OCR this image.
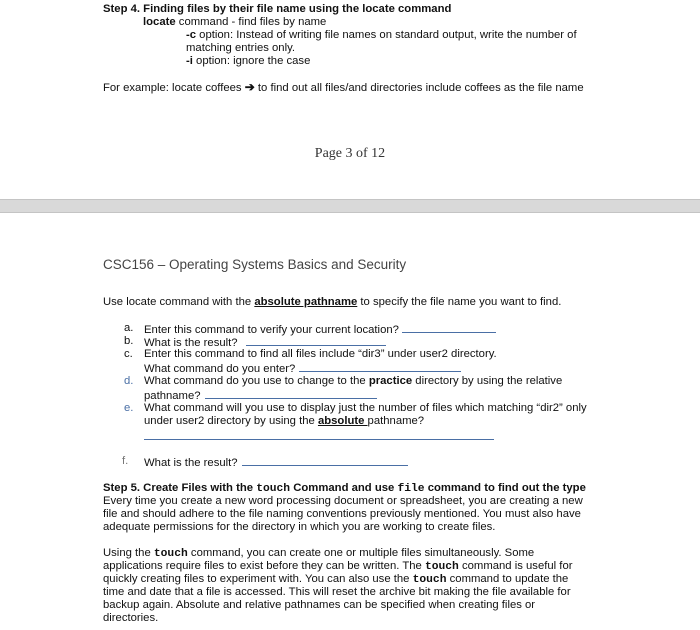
Step 4. Finding files by their file name using the locate command
locate command - find files by name
-c option: Instead of writing file names on standard output, write the number of
matching entries only.
-i option: ignore the case
For example: locate coffees ➔ to find out all files/and directories include coffees as the file name
Page 3 of 12
CSC156 – Operating Systems Basics and Security
Use locate command with the absolute pathname to specify the file name you want to find.
a. Enter this command to verify your current location?
b. What is the result?
c. Enter this command to find all files include “dir3” under user2 directory.
What command do you enter?
d. What command do you use to change to the practice directory by using the relative
pathname?
e. What command will you use to display just the number of files which matching “dir2” only
under user2 directory by using the absolute pathname?
f. What is the result?
Step 5. Create Files with the touch Command and use file command to find out the type
Every time you create a new word processing document or spreadsheet, you are creating a new
file and should adhere to the file naming conventions previously mentioned. You must also have
adequate permissions for the directory in which you are working to create files.
Using the touch command, you can create one or multiple files simultaneously. Some
applications require files to exist before they can be written. The touch command is useful for
quickly creating files to experiment with. You can also use the touch command to update the
time and date that a file is accessed. This will reset the archive bit making the file available for
backup again. Absolute and relative pathnames can be specified when creating files or
directories.
